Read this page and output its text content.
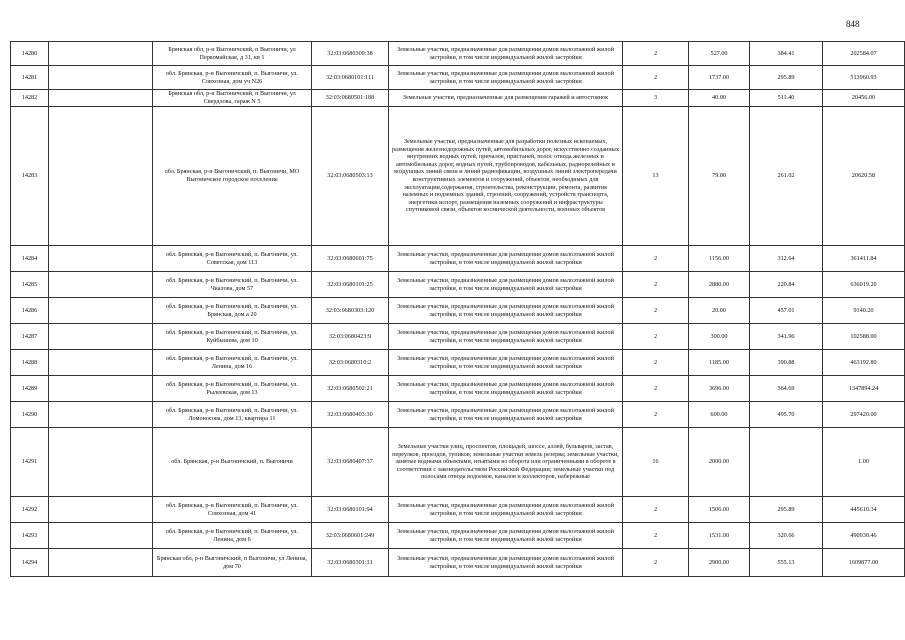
848
14280		Брянская обл, р-н Выгоничский, п Выгоничи, ул Первомайская, д 31, кв 1	32:03:0680309:38	Земельные участки, предназначенные для размещения домов малоэтажной жилой застройки, в том числе индивидуальной жилой застройки	2	527.00	384.41	202584.07
14281		обл. Брянская, р-н Выгоничский, п. Выгоничи, ул. Совхозная, дом уч N26	32:03:0680101:111	Земельные участки, предназначенные для размещения домов малоэтажной жилой застройки, в том числе индивидуальной жилой застройки	2	1737.00	295.89	513960.93
14282		Брянская обл, р-н Выгоничский, п Выгоничи, ул Свердлова, гараж N 5	32:03:0680501:188	Земельные участки, предназначенные для размещения гаражей и автостоянок	3	40.00	511.40	20456.00
14283		обл. Брянская, р-н Выгоничский, п. Выгоничи, МО Выгоничское городское поселение	32:03:0680503:13	Земельные участки, предназначенные для разработки полезных ископаемых, размещения железнодорожных путей, автомобильных дорог, искусственно созданных внутренних водных путей, причалов, пристаней, полос отвода железных и автомобильных дорог, водных путей, трубопроводов, кабельных, радиорелейных и воздушных линий связи и линий радиофикации, воздушных линий электропередачи конструктивных элементов и сооружений, объектов, необходимых для эксплуатации,содержания, строительства, реконструкции, ремонта, развития наземных и подземных зданий, строений, сооружений, устройств транспорта, энергетики испорт, размещения наземных сооружений и инфраструктуры спутниковой связи, объектов космической деятельности, военных объектов	13	79.00	261.02	20620.58
14284		обл. Брянская, р-н Выгоничский, п. Выгоничи, ул. Советская, дом 113	32:03:0680601:75	Земельные участки, предназначенные для размещения домов малоэтажной жилой застройки, в том числе индивидуальной жилой застройки	2	1156.00	312.64	361411.84
14285		обл. Брянская, р-н Выгоничский, п. Выгоничи, ул. Чкалова, дом 57	32:03:0680101:25	Земельные участки, предназначенные для размещения домов малоэтажной жилой застройки, в том числе индивидуальной жилой застройки	2	2880.00	220.84	636019.20
14286		обл. Брянская, р-н Выгоничский, п. Выгоничи, ул. Брянская, дом а 20	32:03:0680303:120	Земельные участки, предназначенные для размещения домов малоэтажной жилой застройки, в том числе индивидуальной жилой застройки	2	20.00	457.01	9140.20
14287		обл. Брянская, р-н Выгоничский, п. Выгоничи, ул. Куйбышева, дом 10	32:03:0680423:9	Земельные участки, предназначенные для размещения домов малоэтажной жилой застройки, в том числе индивидуальной жилой застройки	2	300.00	341.96	102588.00
14288		обл. Брянская, р-н Выгоничский, п. Выгоничи, ул. Ленина, дом 16	32:03:0680310:2	Земельные участки, предназначенные для размещения домов малоэтажной жилой застройки, в том числе индивидуальной жилой застройки	2	1185.00	390.88	463192.80
14289		обл. Брянская, р-н Выгоничский, п. Выгоничи, ул. Рылеевская, дом 13	32:03:0680502:21	Земельные участки, предназначенные для размещения домов малоэтажной жилой застройки, в том числе индивидуальной жилой застройки	2	3696.00	364.69	1347894.24
14290		обл. Брянская, р-н Выгоничский, п. Выгоничи, ул. Ломоносова, дом 13, квартира 11	32:03:0680403:30	Земельные участки, предназначенные для размещения домов малоэтажной жилой застройки, в том числе индивидуальной жилой застройки	2	600.00	495.70	297420.00
14291		обл. Брянская, р-н Выгоничский, п. Выгоничи	32:03:0680407:37	Земельные участки улиц, проспектов, площадей, шоссе, аллей, бульваров, застав, переулков, проездов, тупиков; земельные участки земель резерва; земельные участки, занятые водными объектами, изъятыми из оборота или ограниченными в обороте в соответствии с законодательством Российской Федерации; земельные участки под полосами отвода водоемов, каналов и коллекторов, набережные	16	2000.00		1.00
14292		обл. Брянская, р-н Выгоничский, п. Выгоничи, ул. Совхозная, дом 41	32:03:0680101:94	Земельные участки, предназначенные для размещения домов малоэтажной жилой застройки, в том числе индивидуальной жилой застройки	2	1506.00	295.89	445610.34
14293		обл. Брянская, р-н Выгоничский, п. Выгоничи, ул. Ленина, дом 6	32:03:0680601:249	Земельные участки, предназначенные для размещения домов малоэтажной жилой застройки, в том числе индивидуальной жилой застройки	2	1531.00	320.66	490930.46
14294		Брянская обл, р-н Выгоничский, п Выгоничи, ул Ленина, дом 70	32:03:0680301:31	Земельные участки, предназначенные для размещения домов малоэтажной жилой застройки, в том числе индивидуальной жилой застройки	2	2900.00	555.13	1609877.00
